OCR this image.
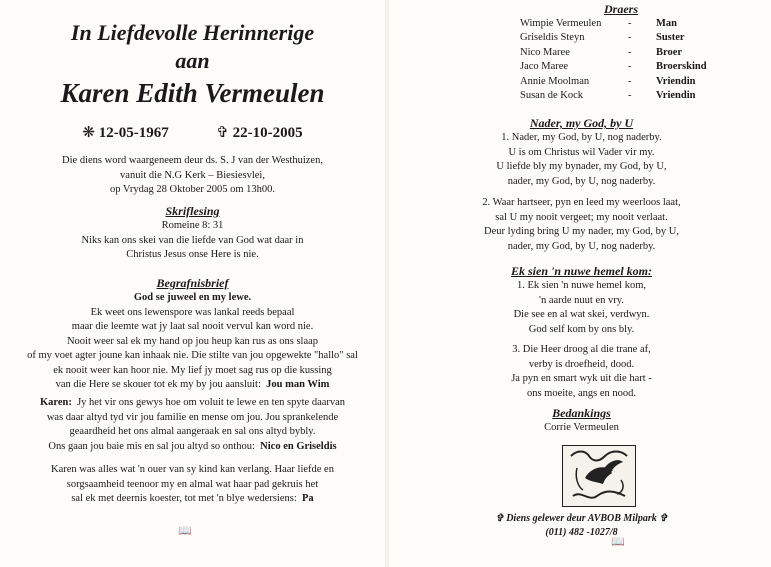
In Liefdevolle Herinnerige
aan
Karen Edith Vermeulen
❋ 12-05-1967	✞ 22-10-2005
Die diens word waargeneem deur ds. S. J van der Westhuizen,
vanuit die N.G Kerk – Biesiesvlei,
op Vrydag 28 Oktober 2005 om 13h00.
Skriflesing
Romeine 8: 31
Niks kan ons skei van die liefde van God wat daar in
Christus Jesus onse Here is nie.
Begrafnisbrief
God se juweel en my lewe.
Ek weet ons lewenspore was lankal reeds bepaal
maar die leemte wat jy laat sal nooit vervul kan word nie.
Nooit weer sal ek my hand op jou heup kan rus as ons slaap
of my voet agter joune kan inhaak nie. Die stilte van jou opgewekte "hallo" sal
ek nooit weer kan hoor nie. My lief jy moet sag rus op die kussing
van die Here se skouer tot ek my by jou aansluit: Jou man Wim
Karen: Jy het vir ons gewys hoe om voluit te lewe en ten spyte daarvan
was daar altyd tyd vir jou familie en mense om jou. Jou sprankelende
geaardheid het ons almal aangeraak en sal ons altyd bybly.
Ons gaan jou baie mis en sal jou altyd so onthou: Nico en Griseldis
Karen was alles wat 'n ouer van sy kind kan verlang. Haar liefde en
sorgsaamheid teenoor my en almal wat haar pad gekruis het
sal ek met deernis koester, tot met 'n blye wedersiens: Pa
📖
Draers
Wimpie Vermeulen	-	Man
Griseldis Steyn	-	Suster
Nico Maree	-	Broer
Jaco Maree	-	Broerskind
Annie Moolman	-	Vriendin
Susan de Kock	-	Vriendin
Nader, my God, by U
1. Nader, my God, by U, nog naderby.
U is om Christus wil Vader vir my.
U liefde bly my bynader, my God, by U,
nader, my God, by U, nog naderby.
2. Waar hartseer, pyn en leed my weerloos laat,
sal U my nooit vergeet; my nooit verlaat.
Deur lyding bring U my nader, my God, by U,
nader, my God, by U, nog naderby.
Ek sien 'n nuwe hemel kom:
1. Ek sien 'n nuwe hemel kom,
'n aarde nuut en vry.
Die see en al wat skei, verdwyn.
God self kom by ons bly.
3. Die Heer droog al die trane af,
verby is droefheid, dood.
Ja pyn en smart wyk uit die hart -
ons moeite, angs en nood.
Bedankings
Corrie Vermeulen
✞ Diens gelewer deur AVBOB Milpark ✞
(011) 482 -1027/8
📖
